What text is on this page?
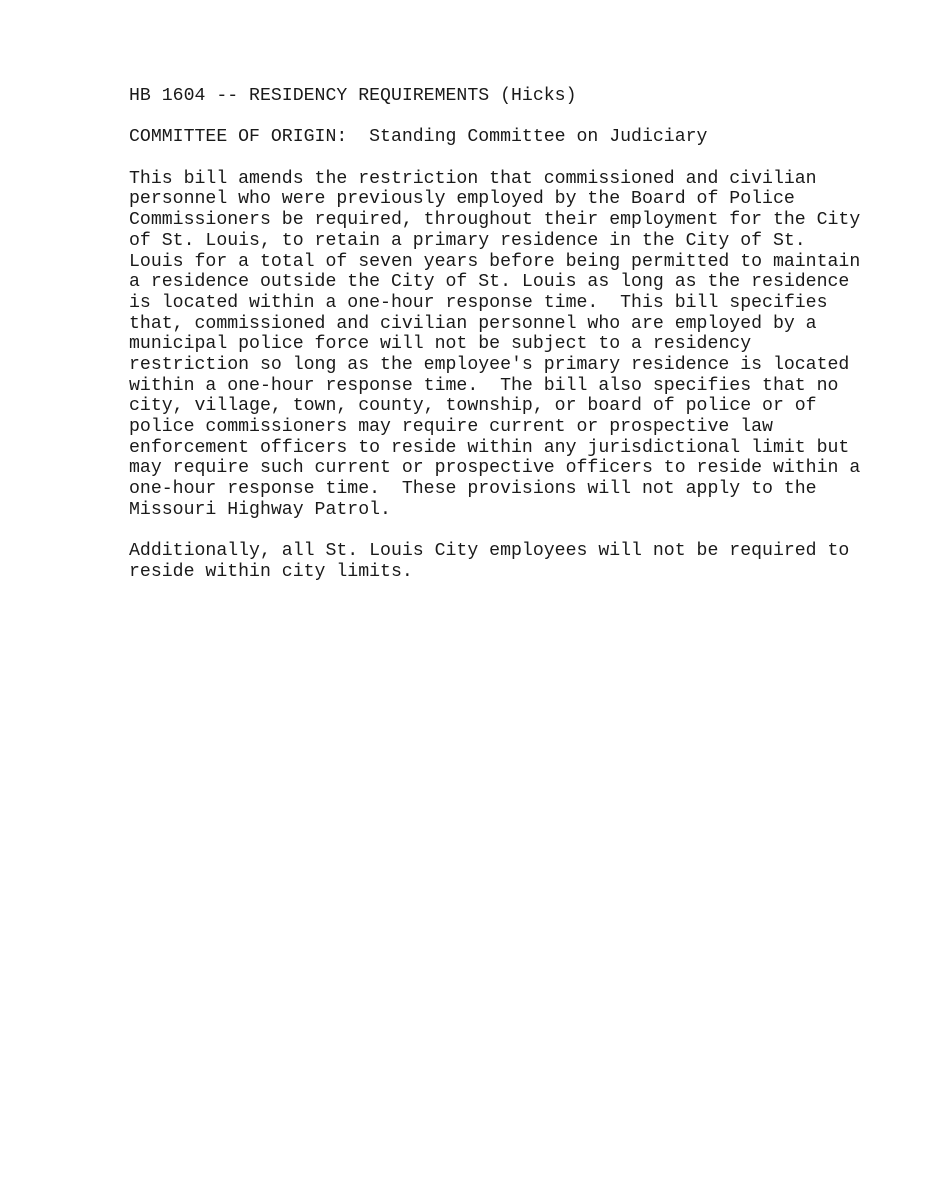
HB 1604 -- RESIDENCY REQUIREMENTS (Hicks)
COMMITTEE OF ORIGIN:  Standing Committee on Judiciary
This bill amends the restriction that commissioned and civilian
personnel who were previously employed by the Board of Police
Commissioners be required, throughout their employment for the City
of St. Louis, to retain a primary residence in the City of St.
Louis for a total of seven years before being permitted to maintain
a residence outside the City of St. Louis as long as the residence
is located within a one-hour response time.  This bill specifies
that, commissioned and civilian personnel who are employed by a
municipal police force will not be subject to a residency
restriction so long as the employee's primary residence is located
within a one-hour response time.  The bill also specifies that no
city, village, town, county, township, or board of police or of
police commissioners may require current or prospective law
enforcement officers to reside within any jurisdictional limit but
may require such current or prospective officers to reside within a
one-hour response time.  These provisions will not apply to the
Missouri Highway Patrol.
Additionally, all St. Louis City employees will not be required to
reside within city limits.
